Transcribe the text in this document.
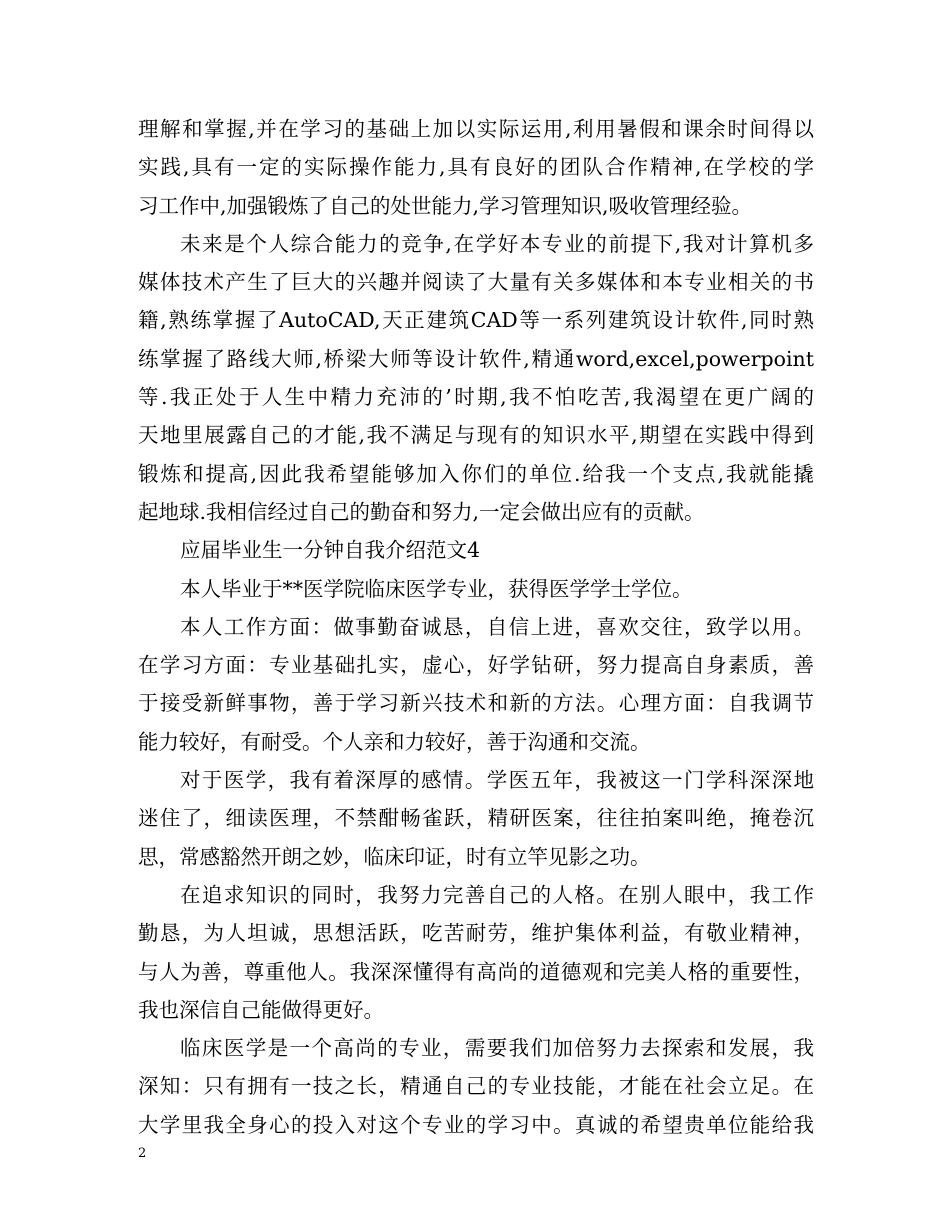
理解和掌握,并在学习的基础上加以实际运用,利用暑假和课余时间得以
实践,具有一定的实际操作能力,具有良好的团队合作精神,在学校的学
习工作中,加强锻炼了自己的处世能力,学习管理知识,吸收管理经验。
未来是个人综合能力的竞争,在学好本专业的前提下,我对计算机多
媒体技术产生了巨大的兴趣并阅读了大量有关多媒体和本专业相关的书
籍,熟练掌握了AutoCAD,天正建筑CAD等一系列建筑设计软件,同时熟
练掌握了路线大师,桥梁大师等设计软件,精通word,excel,powerpoint
等.我正处于人生中精力充沛的’时期,我不怕吃苦,我渴望在更广阔的
天地里展露自己的才能,我不满足与现有的知识水平,期望在实践中得到
锻炼和提高,因此我希望能够加入你们的单位.给我一个支点,我就能撬
起地球.我相信经过自己的勤奋和努力,一定会做出应有的贡献。
应届毕业生一分钟自我介绍范文4
本人毕业于**医学院临床医学专业，获得医学学士学位。
本人工作方面：做事勤奋诚恳，自信上进，喜欢交往，致学以用。
在学习方面：专业基础扎实，虚心，好学钻研，努力提高自身素质，善
于接受新鲜事物，善于学习新兴技术和新的方法。心理方面：自我调节
能力较好，有耐受。个人亲和力较好，善于沟通和交流。
对于医学，我有着深厚的感情。学医五年，我被这一门学科深深地
迷住了，细读医理，不禁酣畅雀跃，精研医案，往往拍案叫绝，掩卷沉
思，常感豁然开朗之妙，临床印证，时有立竿见影之功。
在追求知识的同时，我努力完善自己的人格。在别人眼中，我工作
勤恳，为人坦诚，思想活跃，吃苦耐劳，维护集体利益，有敬业精神，
与人为善，尊重他人。我深深懂得有高尚的道德观和完美人格的重要性，
我也深信自己能做得更好。
临床医学是一个高尚的专业，需要我们加倍努力去探索和发展，我
深知：只有拥有一技之长，精通自己的专业技能，才能在社会立足。在
大学里我全身心的投入对这个专业的学习中。真诚的希望贵单位能给我
2
